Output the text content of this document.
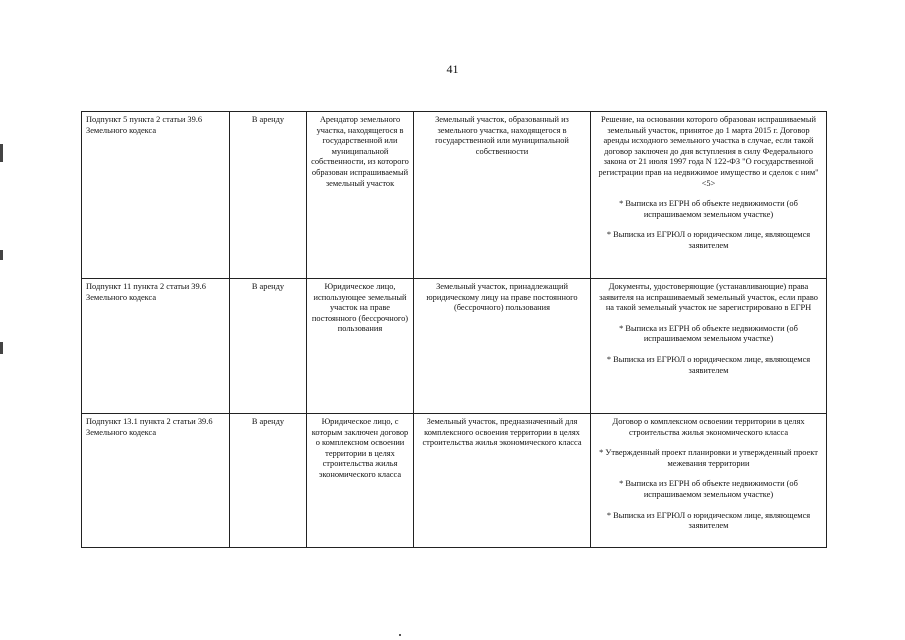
41
Подпункт 5 пункта 2 статьи 39.6 Земельного кодекса	В аренду	Арендатор земельного участка, находящегося в государственной или муниципальной собственности, из которого образован испрашиваемый земельный участок	Земельный участок, образованный из земельного участка, находящегося в государственной или муниципальной собственности	Решение, на основании которого образован испрашиваемый земельный участок, принятое до 1 марта 2015 г. Договор аренды исходного земельного участка в случае, если такой договор заключен до дня вступления в силу Федерального закона от 21 июля 1997 года N 122-ФЗ "О государственной регистрации прав на недвижимое имущество и сделок с ним" <5>

* Выписка из ЕГРН об объекте недвижимости (об испрашиваемом земельном участке)

* Выписка из ЕГРЮЛ о юридическом лице, являющемся заявителем

Подпункт 11 пункта 2 статьи 39.6 Земельного кодекса	В аренду	Юридическое лицо, использующее земельный участок на праве постоянного (бессрочного) пользования	Земельный участок, принадлежащий юридическому лицу на праве постоянного (бессрочного) пользования	Документы, удостоверяющие (устанавливающие) права заявителя на испрашиваемый земельный участок, если право на такой земельный участок не зарегистрировано в ЕГРН

* Выписка из ЕГРН об объекте недвижимости (об испрашиваемом земельном участке)

* Выписка из ЕГРЮЛ о юридическом лице, являющемся заявителем

Подпункт 13.1 пункта 2 статьи 39.6 Земельного кодекса	В аренду	Юридическое лицо, с которым заключен договор о комплексном освоении территории в целях строительства жилья экономического класса	Земельный участок, предназначенный для комплексного освоения территории в целях строительства жилья экономического класса	Договор о комплексном освоении территории в целях строительства жилья экономического класса

* Утвержденный проект планировки и утвержденный проект межевания территории

* Выписка из ЕГРН об объекте недвижимости (об испрашиваемом земельном участке)

* Выписка из ЕГРЮЛ о юридическом лице, являющемся заявителем
